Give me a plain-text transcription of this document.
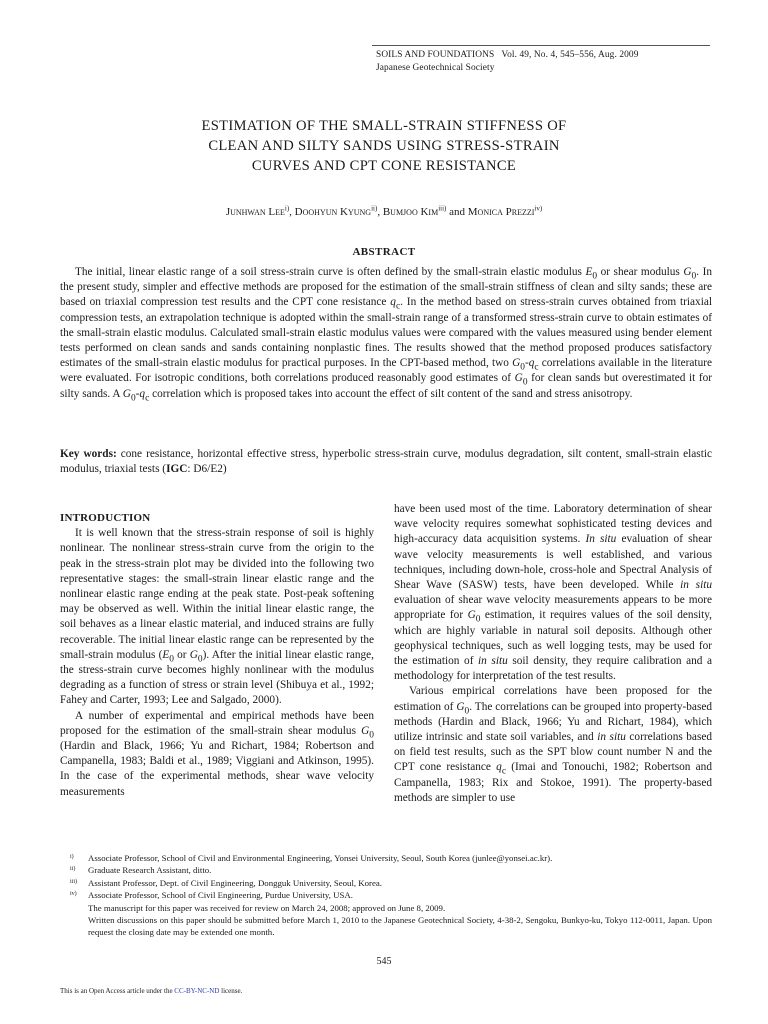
SOILS AND FOUNDATIONS   Vol. 49, No. 4, 545–556, Aug. 2009
Japanese Geotechnical Society
ESTIMATION OF THE SMALL-STRAIN STIFFNESS OF
CLEAN AND SILTY SANDS USING STRESS-STRAIN
CURVES AND CPT CONE RESISTANCE
Junhwan Lee$^{i)}$, Doohyun Kyung$^{ii)}$, Bumjoo Kim$^{iii)}$ and Monica Prezzi$^{iv)}$
ABSTRACT
The initial, linear elastic range of a soil stress-strain curve is often defined by the small-strain elastic modulus $E_0$ or shear modulus $G_0$. In the present study, simpler and effective methods are proposed for the estimation of the small-strain stiffness of clean and silty sands; these are based on triaxial compression test results and the CPT cone resistance $q_c$. In the method based on stress-strain curves obtained from triaxial compression tests, an extrapolation technique is adopted within the small-strain range of a transformed stress-strain curve to obtain estimates of the small-strain elastic modulus. Calculated small-strain elastic modulus values were compared with the values measured using bender element tests performed on clean sands and sands containing nonplastic fines. The results showed that the method proposed produces satisfactory estimates of the small-strain elastic modulus for practical purposes. In the CPT-based method, two $G_0-q_c$ correlations available in the literature were evaluated. For isotropic conditions, both correlations produced reasonably good estimates of $G_0$ for clean sands but overestimated it for silty sands. A $G_0-q_c$ correlation which is proposed takes into account the effect of silt content of the sand and stress anisotropy.
Key words: cone resistance, horizontal effective stress, hyperbolic stress-strain curve, modulus degradation, silt content, small-strain elastic modulus, triaxial tests (IGC: D6/E2)

INTRODUCTION

It is well known that the stress-strain response of soil is highly nonlinear. The nonlinear stress-strain curve from the origin to the peak in the stress-strain plot may be divided into the following two representative stages: the small-strain linear elastic range and the nonlinear elastic range ending at the peak state. Post-peak softening may be observed as well. Within the initial linear elastic range, the soil behaves as a linear elastic material, and induced strains are fully recoverable. The initial linear elastic range can be represented by the small-strain modulus ($E_0$ or $G_0$). After the initial linear elastic range, the stress-strain curve becomes highly nonlinear with the modulus degrading as a function of stress or strain level (Shibuya et al., 1992; Fahey and Carter, 1993; Lee and Salgado, 2000).

A number of experimental and empirical methods have been proposed for the estimation of the small-strain shear modulus $G_0$ (Hardin and Black, 1966; Yu and Richart, 1984; Robertson and Campanella, 1983; Baldi et al., 1989; Viggiani and Atkinson, 1995). In the case of the experimental methods, shear wave velocity measurements

have been used most of the time. Laboratory determination of shear wave velocity requires somewhat sophisticated testing devices and high-accuracy data acquisition systems. In situ evaluation of shear wave velocity measurements is well established, and various techniques, including down-hole, cross-hole and Spectral Analysis of Shear Wave (SASW) tests, have been developed. While in situ evaluation of shear wave velocity measurements appears to be more appropriate for $G_0$ estimation, it requires values of the soil density, which are highly variable in natural soil deposits. Although other geophysical techniques, such as well logging tests, may be used for the estimation of in situ soil density, they require calibration and a methodology for interpretation of the test results.

Various empirical correlations have been proposed for the estimation of $G_0$. The correlations can be grouped into property-based methods (Hardin and Black, 1966; Yu and Richart, 1984), which utilize intrinsic and state soil variables, and in situ correlations based on field test results, such as the SPT blow count number N and the CPT cone resistance $q_c$ (Imai and Tonouchi, 1982; Robertson and Campanella, 1983; Rix and Stokoe, 1991). The property-based methods are simpler to use

i)	Associate Professor, School of Civil and Environmental Engineering, Yonsei University, Seoul, South Korea (junlee@yonsei.ac.kr).
ii)	Graduate Research Assistant, ditto.
iii)	Assistant Professor, Dept. of Civil Engineering, Dongguk University, Seoul, Korea.
iv)	Associate Professor, School of Civil Engineering, Purdue University, USA.
The manuscript for this paper was received for review on March 24, 2008; approved on June 8, 2009.
Written discussions on this paper should be submitted before March 1, 2010 to the Japanese Geotechnical Society, 4-38-2, Sengoku, Bunkyo-ku, Tokyo 112-0011, Japan. Upon request the closing date may be extended one month.
545
This is an Open Access article under the CC-BY-NC-ND license.
